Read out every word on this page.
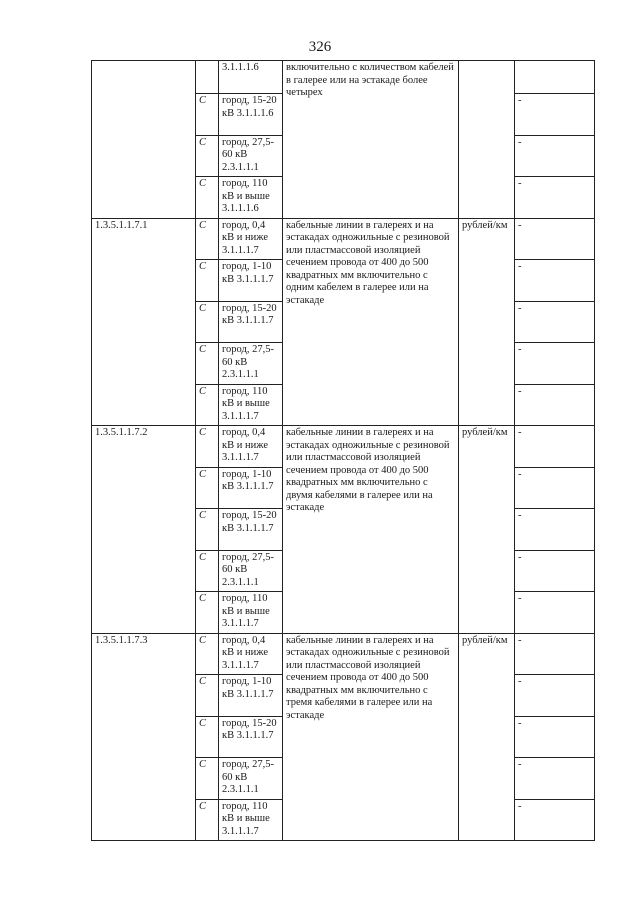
326
		3.1.1.1.6	включительно с количеством кабелей в галерее или на эстакаде более четырех		
	C	город, 15-20 кВ 3.1.1.1.6			-
	C	город, 27,5-60 кВ 2.3.1.1.1			-
	C	город, 110 кВ и выше 3.1.1.1.6			-
1.3.5.1.1.7.1	C	город, 0,4 кВ и ниже 3.1.1.1.7	кабельные линии в галереях и на эстакадах одножильные с резиновой или пластмассовой изоляцией сечением провода от 400 до 500 квадратных мм включительно с одним кабелем в галерее или на эстакаде	рублей/км	-
	C	город, 1-10 кВ 3.1.1.1.7			-
	C	город, 15-20 кВ 3.1.1.1.7			-
	C	город, 27,5-60 кВ 2.3.1.1.1			-
	C	город, 110 кВ и выше 3.1.1.1.7			-
1.3.5.1.1.7.2	C	город, 0,4 кВ и ниже 3.1.1.1.7	кабельные линии в галереях и на эстакадах одножильные с резиновой или пластмассовой изоляцией сечением провода от 400 до 500 квадратных мм включительно с двумя кабелями в галерее или на эстакаде	рублей/км	-
	C	город, 1-10 кВ 3.1.1.1.7			-
	C	город, 15-20 кВ 3.1.1.1.7			-
	C	город, 27,5-60 кВ 2.3.1.1.1			-
	C	город, 110 кВ и выше 3.1.1.1.7			-
1.3.5.1.1.7.3	C	город, 0,4 кВ и ниже 3.1.1.1.7	кабельные линии в галереях и на эстакадах одножильные с резиновой или пластмассовой изоляцией сечением провода от 400 до 500 квадратных мм включительно с тремя кабелями в галерее или на эстакаде	рублей/км	-
	C	город, 1-10 кВ 3.1.1.1.7			-
	C	город, 15-20 кВ 3.1.1.1.7			-
	C	город, 27,5-60 кВ 2.3.1.1.1			-
	C	город, 110 кВ и выше 3.1.1.1.7			-
